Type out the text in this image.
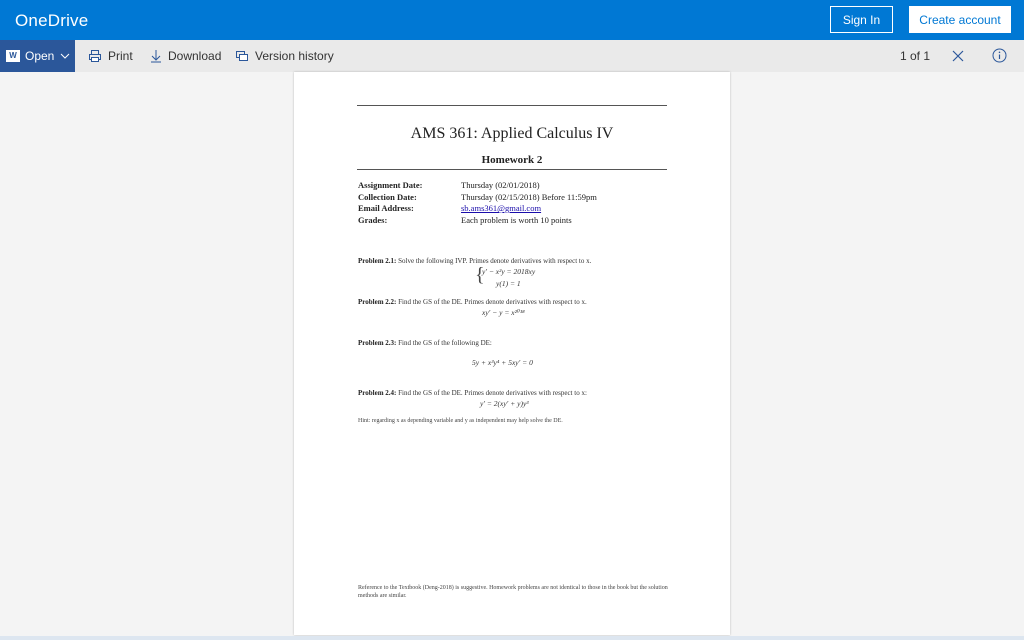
OneDrive	Sign In	Create account
W Open	Print	Download	Version history	1 of 1
AMS 361: Applied Calculus IV
Homework 2
Assignment Date:	Thursday (02/01/2018)
Collection Date:	Thursday (02/15/2018) Before 11:59pm
Email Address:	sb.ams361@gmail.com
Grades:	Each problem is worth 10 points
Problem 2.1: Solve the following IVP. Primes denote derivatives with respect to x.
{
y′ − x²y = 2018xy
y(1) = 1
Problem 2.2: Find the GS of the DE. Primes denote derivatives with respect to x.
xy′ − y = x²⁰¹⁸
Problem 2.3: Find the GS of the following DE:
5y + x³y⁴ + 5xy′ = 0
Problem 2.4: Find the GS of the DE. Primes denote derivatives with respect to x:
y′ = 2(xy′ + y)y³
Hint: regarding x as depending variable and y as independent may help solve the DE.
Reference to the Textbook (Deng-2018) is suggestive. Homework problems are not identical to those in the book but the solution methods are similar.
